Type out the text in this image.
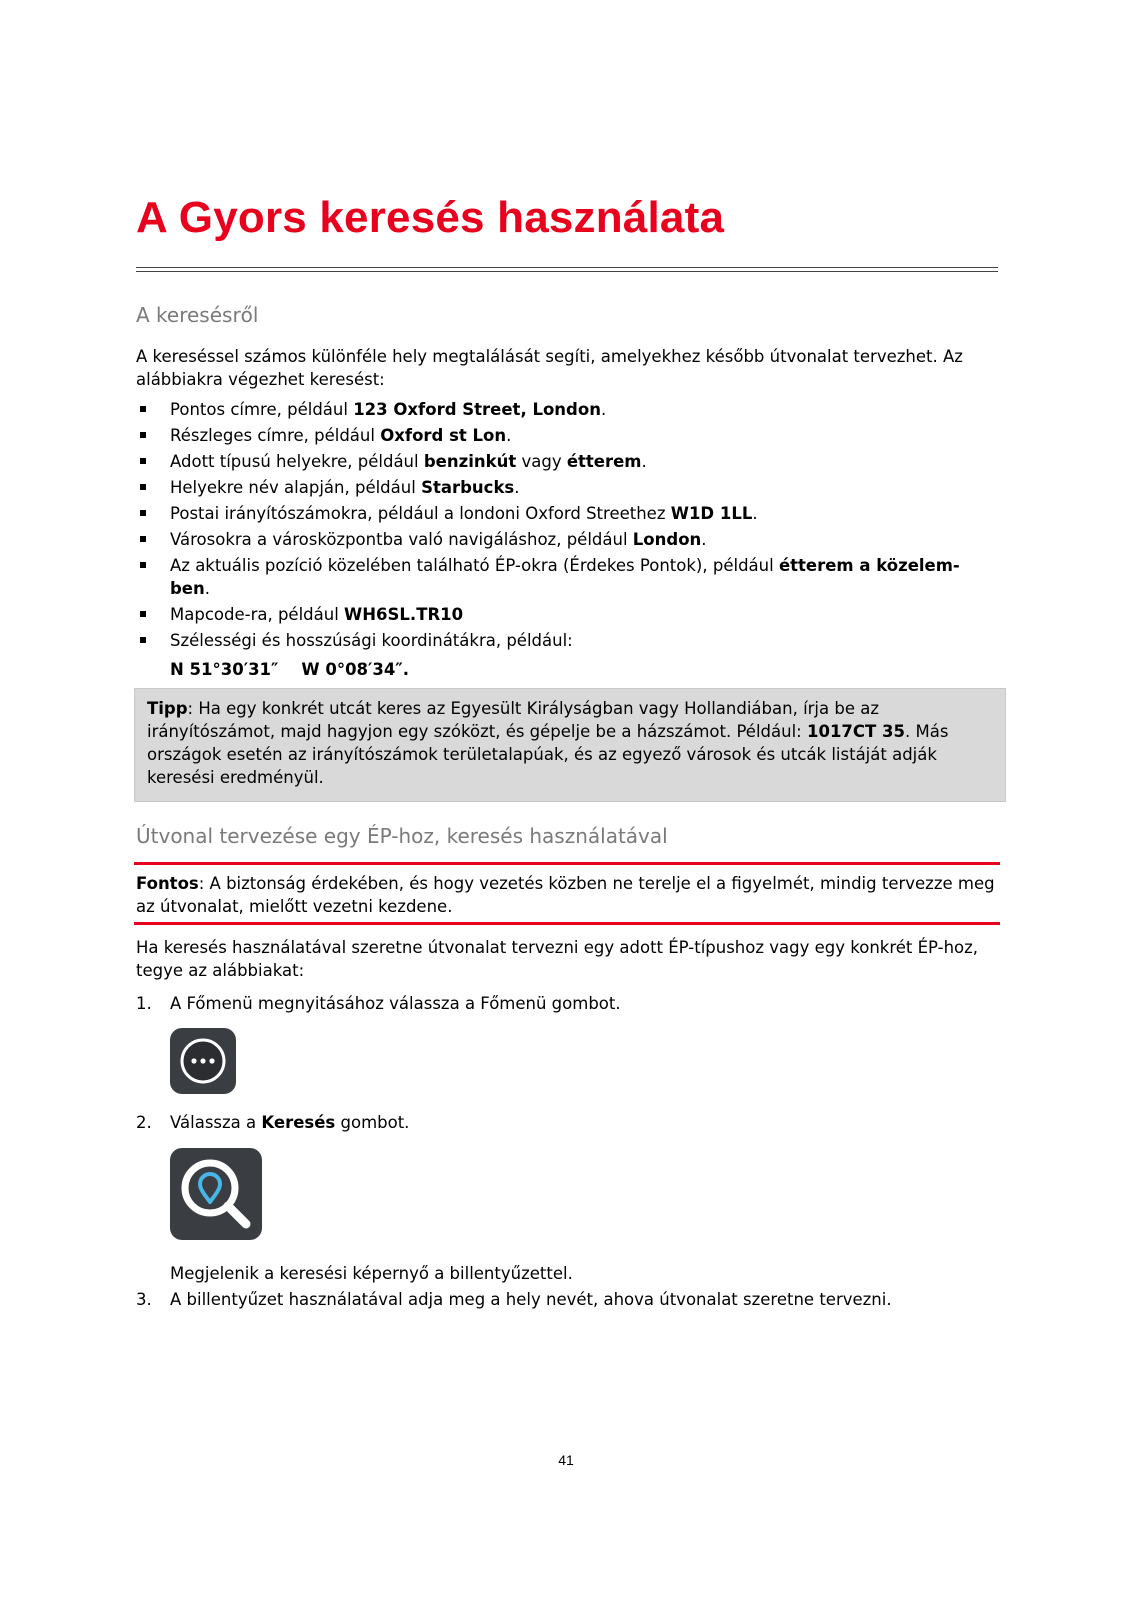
A Gyors keresés használata
A keresésről

A kereséssel számos különféle hely megtalálását segíti, amelyekhez később útvonalat tervezhet. Az alábbiakra végezhet keresést:

Pontos címre, például 123 Oxford Street, London.
Részleges címre, például Oxford st Lon.
Adott típusú helyekre, például benzinkút vagy étterem.
Helyekre név alapján, például Starbucks.
Postai irányítószámokra, például a londoni Oxford Streethez W1D 1LL.
Városokra a városközpontba való navigáláshoz, például London.
Az aktuális pozíció közelében található ÉP-okra (Érdekes Pontok), például étterem a közelem-ben.
Mapcode-ra, például WH6SL.TR10
Szélességi és hosszúsági koordinátákra, például:
N 51°30′31″    W 0°08′34″.
Tipp: Ha egy konkrét utcát keres az Egyesült Királyságban vagy Hollandiában, írja be az irányítószámot, majd hagyjon egy szóközt, és gépelje be a házszámot. Például: 1017CT 35. Más országok esetén az irányítószámok területalapúak, és az egyező városok és utcák listáját adják keresési eredményül.
Útvonal tervezése egy ÉP-hoz, keresés használatával

Fontos: A biztonság érdekében, és hogy vezetés közben ne terelje el a figyelmét, mindig tervezze meg az útvonalat, mielőtt vezetni kezdene.

Ha keresés használatával szeretne útvonalat tervezni egy adott ÉP-típushoz vagy egy konkrét ÉP-hoz, tegye az alábbiakat:

1. A Főmenü megnyitásához válassza a Főmenü gombot.
2. Válassza a Keresés gombot.
Megjelenik a keresési képernyő a billentyűzettel.
3. A billentyűzet használatával adja meg a hely nevét, ahova útvonalat szeretne tervezni.
41
